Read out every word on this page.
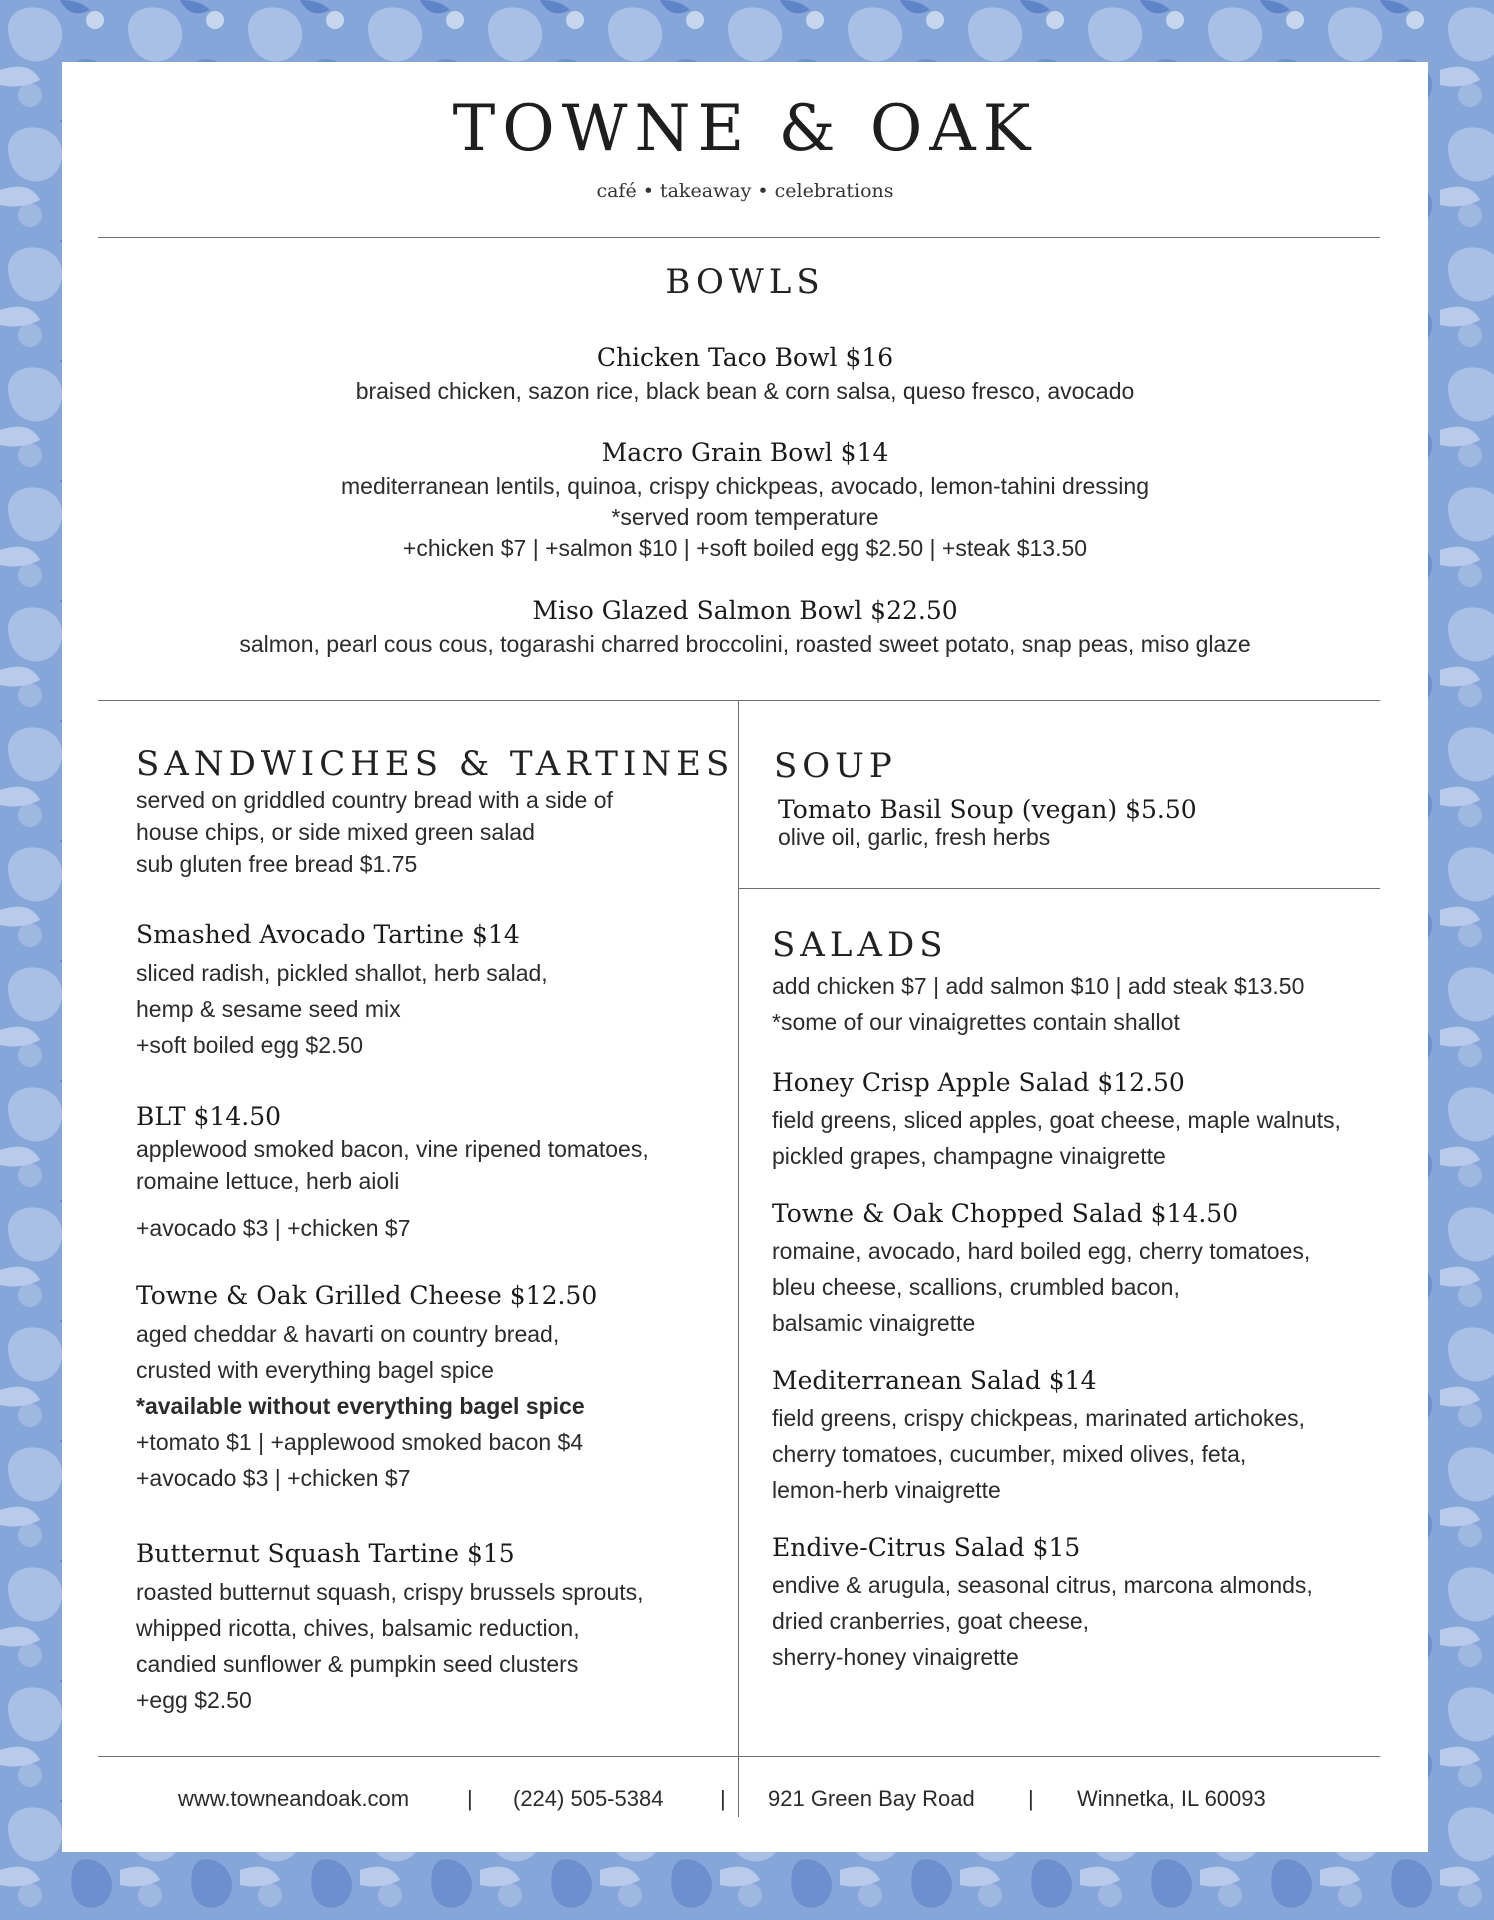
TOWNE & OAK
café • takeaway • celebrations
BOWLS
Chicken Taco Bowl $16
braised chicken, sazon rice, black bean & corn salsa, queso fresco, avocado
Macro Grain Bowl $14
mediterranean lentils, quinoa, crispy chickpeas, avocado, lemon-tahini dressing
*served room temperature
+chicken $7 | +salmon $10 | +soft boiled egg $2.50 | +steak $13.50
Miso Glazed Salmon Bowl $22.50
salmon, pearl cous cous, togarashi charred broccolini, roasted sweet potato, snap peas, miso glaze
SANDWICHES & TARTINES
served on griddled country bread with a side of
house chips, or side mixed green salad
sub gluten free bread $1.75
Smashed Avocado Tartine $14
sliced radish, pickled shallot, herb salad,
hemp & sesame seed mix
+soft boiled egg $2.50
BLT $14.50
applewood smoked bacon, vine ripened tomatoes,
romaine lettuce, herb aioli
+avocado $3 | +chicken $7
Towne & Oak Grilled Cheese $12.50
aged cheddar & havarti on country bread,
crusted with everything bagel spice
*available without everything bagel spice
+tomato $1 | +applewood smoked bacon $4
+avocado $3 | +chicken $7
Butternut Squash Tartine $15
roasted butternut squash, crispy brussels sprouts,
whipped ricotta, chives, balsamic reduction,
candied sunflower & pumpkin seed clusters
+egg $2.50
SOUP
Tomato Basil Soup (vegan) $5.50
olive oil, garlic, fresh herbs
SALADS
add chicken $7 | add salmon $10 | add steak $13.50
*some of our vinaigrettes contain shallot
Honey Crisp Apple Salad $12.50
field greens, sliced apples, goat cheese, maple walnuts,
pickled grapes, champagne vinaigrette
Towne & Oak Chopped Salad $14.50
romaine, avocado, hard boiled egg, cherry tomatoes,
bleu cheese, scallions, crumbled bacon,
balsamic vinaigrette
Mediterranean Salad $14
field greens, crispy chickpeas, marinated artichokes,
cherry tomatoes, cucumber, mixed olives, feta,
lemon-herb vinaigrette
Endive-Citrus Salad $15
endive & arugula, seasonal citrus, marcona almonds,
dried cranberries, goat cheese,
sherry-honey vinaigrette
www.towneandoak.com	| (224) 505-5384	| 921 Green Bay Road | Winnetka, IL 60093
